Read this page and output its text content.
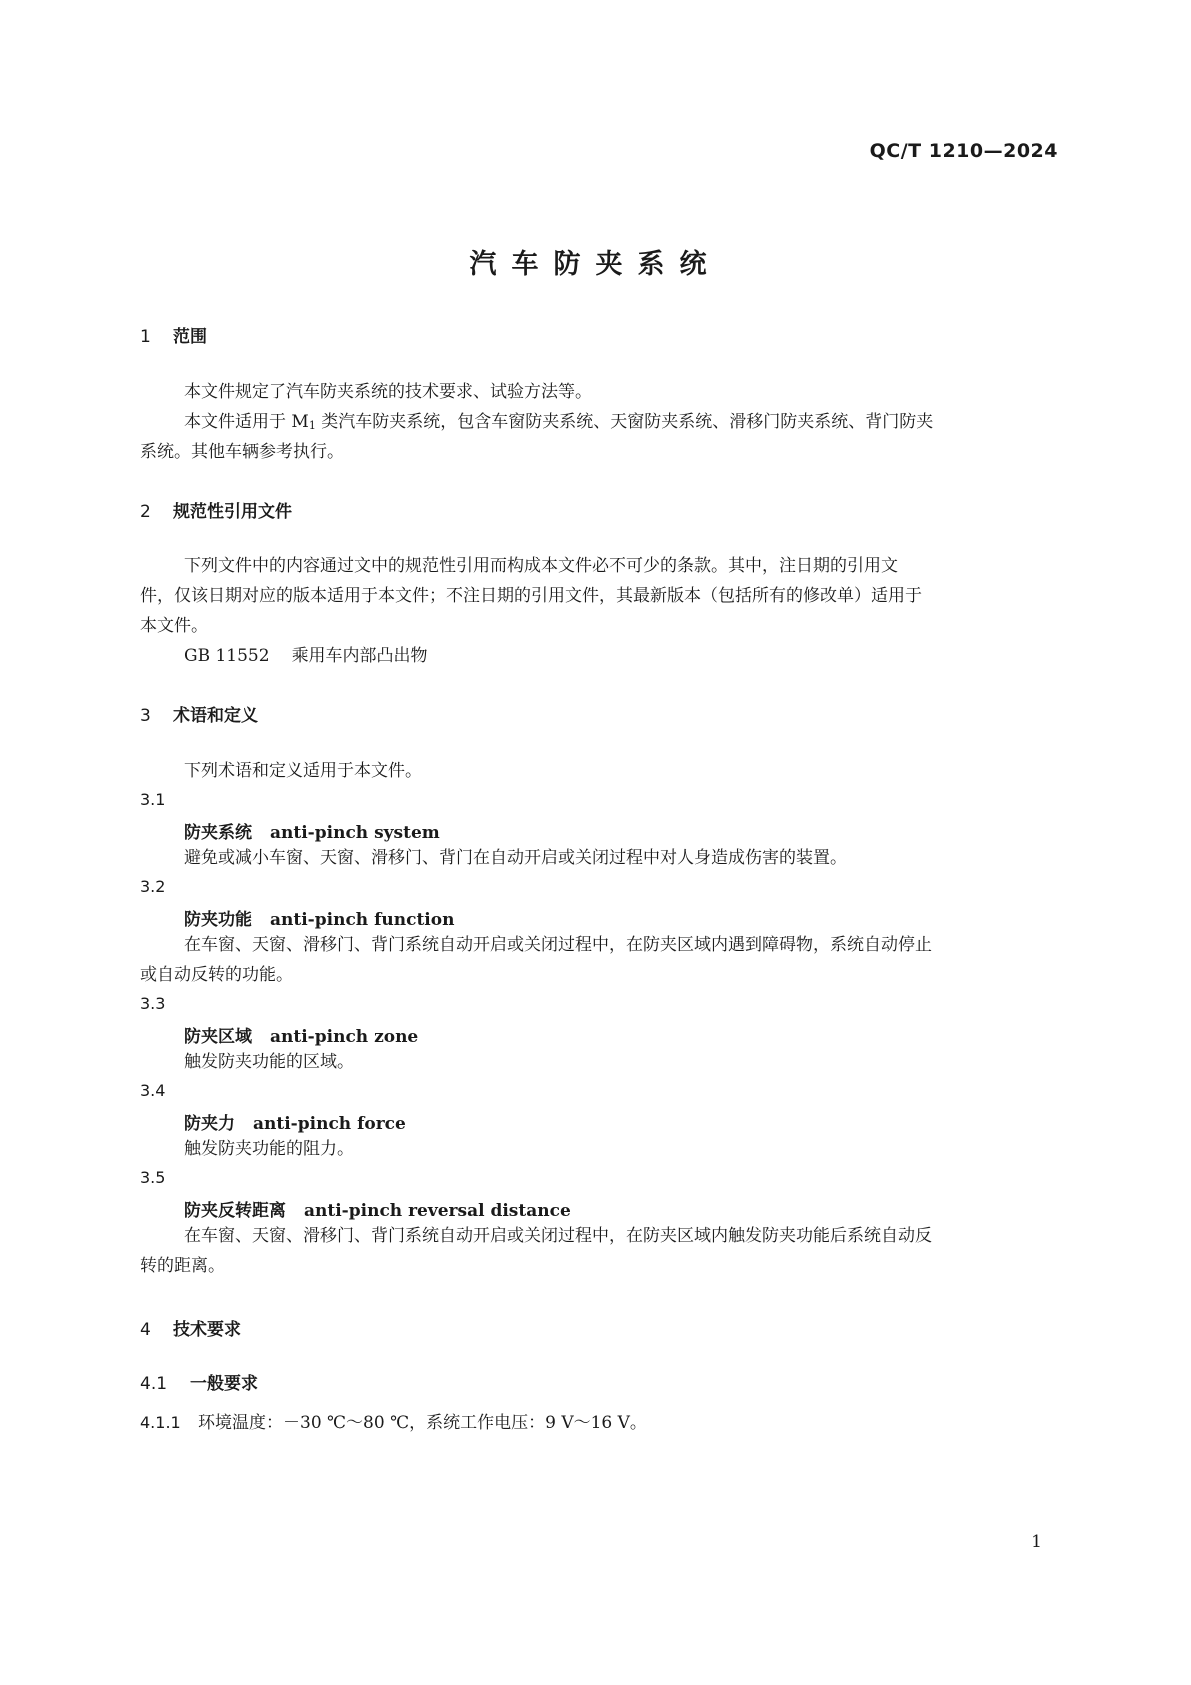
QC/T 1210—2024
汽车防夹系统
1 范围
本文件规定了汽车防夹系统的技术要求、试验方法等。
本文件适用于 M1 类汽车防夹系统，包含车窗防夹系统、天窗防夹系统、滑移门防夹系统、背门防夹
系统。其他车辆参考执行。
2 规范性引用文件
下列文件中的内容通过文中的规范性引用而构成本文件必不可少的条款。其中，注日期的引用文
件，仅该日期对应的版本适用于本文件；不注日期的引用文件，其最新版本（包括所有的修改单）适用于
本文件。
GB 11552 乘用车内部凸出物
3 术语和定义
下列术语和定义适用于本文件。
3.1
防夹系统 anti-pinch system
避免或减小车窗、天窗、滑移门、背门在自动开启或关闭过程中对人身造成伤害的装置。
3.2
防夹功能 anti-pinch function
在车窗、天窗、滑移门、背门系统自动开启或关闭过程中，在防夹区域内遇到障碍物，系统自动停止
或自动反转的功能。
3.3
防夹区域 anti-pinch zone
触发防夹功能的区域。
3.4
防夹力 anti-pinch force
触发防夹功能的阻力。
3.5
防夹反转距离 anti-pinch reversal distance
在车窗、天窗、滑移门、背门系统自动开启或关闭过程中，在防夹区域内触发防夹功能后系统自动反
转的距离。
4 技术要求
4.1 一般要求
4.1.1 环境温度：－30 ℃～80 ℃，系统工作电压：9 V～16 V。
1
